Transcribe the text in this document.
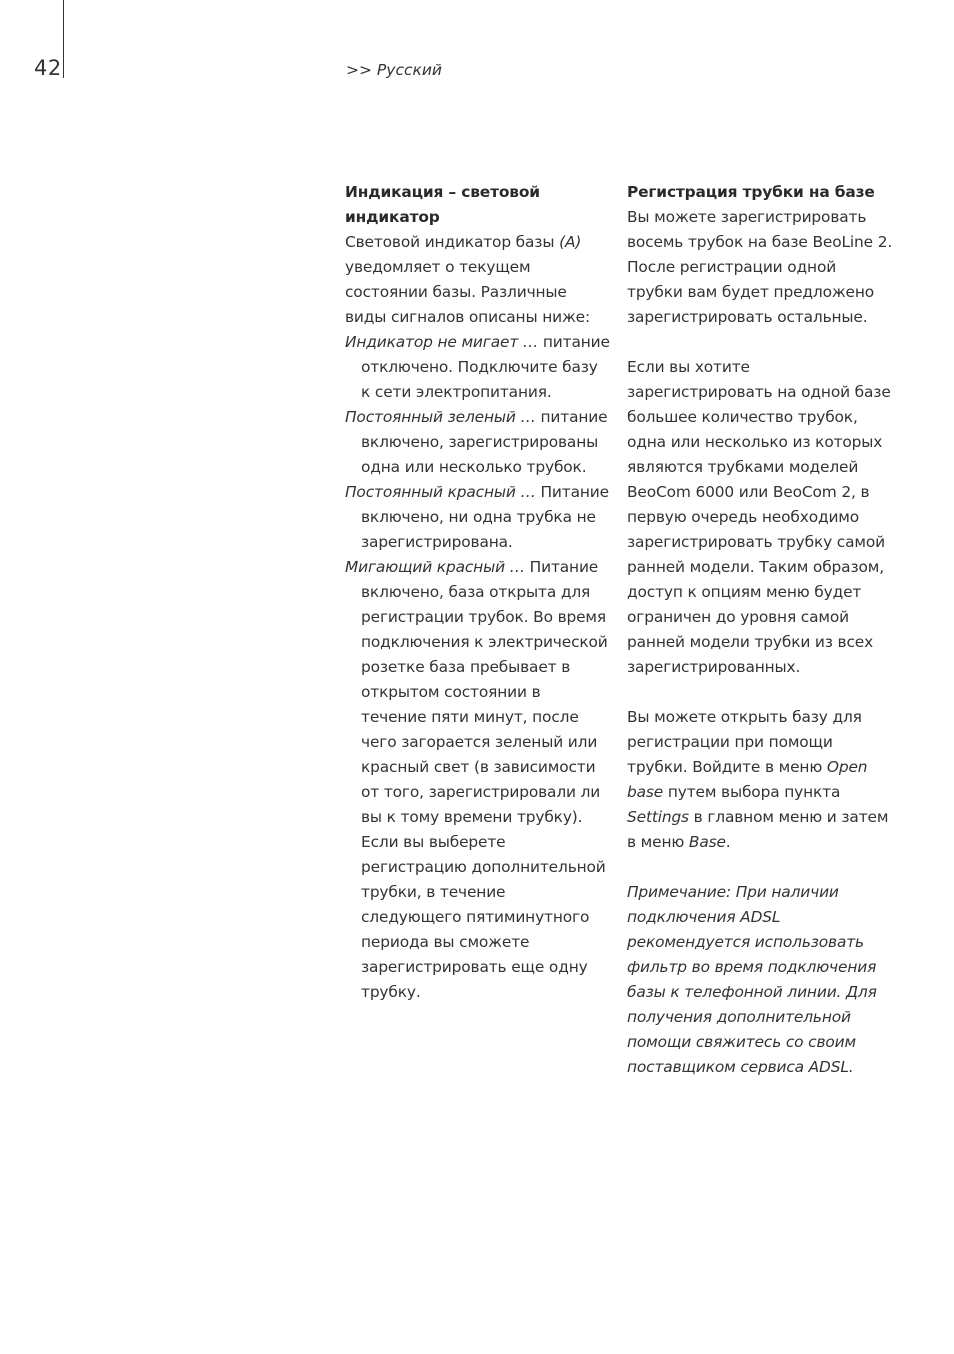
42	>> Русский

Индикация – световой индикатор

Световой индикатор базы (A) уведомляет о текущем состоянии базы. Различные виды сигналов описаны ниже:

Индикатор не мигает … питание отключено. Подключите базу к сети электропитания.

Постоянный зеленый … питание включено, зарегистрированы одна или несколько трубок.

Постоянный красный … Питание включено, ни одна трубка не зарегистрирована.

Мигающий красный … Питание включено, база открыта для регистрации трубок. Во время подключения к электрической розетке база пребывает в открытом состоянии в течение пяти минут, после чего загорается зеленый или красный свет (в зависимости от того, зарегистрировали ли вы к тому времени трубку). Если вы выберете регистрацию дополнительной трубки, в течение следующего пятиминутного периода вы сможете зарегистрировать еще одну трубку.

Регистрация трубки на базе

Вы можете зарегистрировать восемь трубок на базе BeoLine 2. После регистрации одной трубки вам будет предложено зарегистрировать остальные.

Если вы хотите зарегистрировать на одной базе большее количество трубок, одна или несколько из которых являются трубками моделей BeoCom 6000 или BeoCom 2, в первую очередь необходимо зарегистрировать трубку самой ранней модели. Таким образом, доступ к опциям меню будет ограничен до уровня самой ранней модели трубки из всех зарегистрированных.

Вы можете открыть базу для регистрации при помощи трубки. Войдите в меню Open base путем выбора пункта Settings в главном меню и затем в меню Base.

Примечание: При наличии подключения ADSL рекомендуется использовать фильтр во время подключения базы к телефонной линии. Для получения дополнительной помощи свяжитесь со своим поставщиком сервиса ADSL.
